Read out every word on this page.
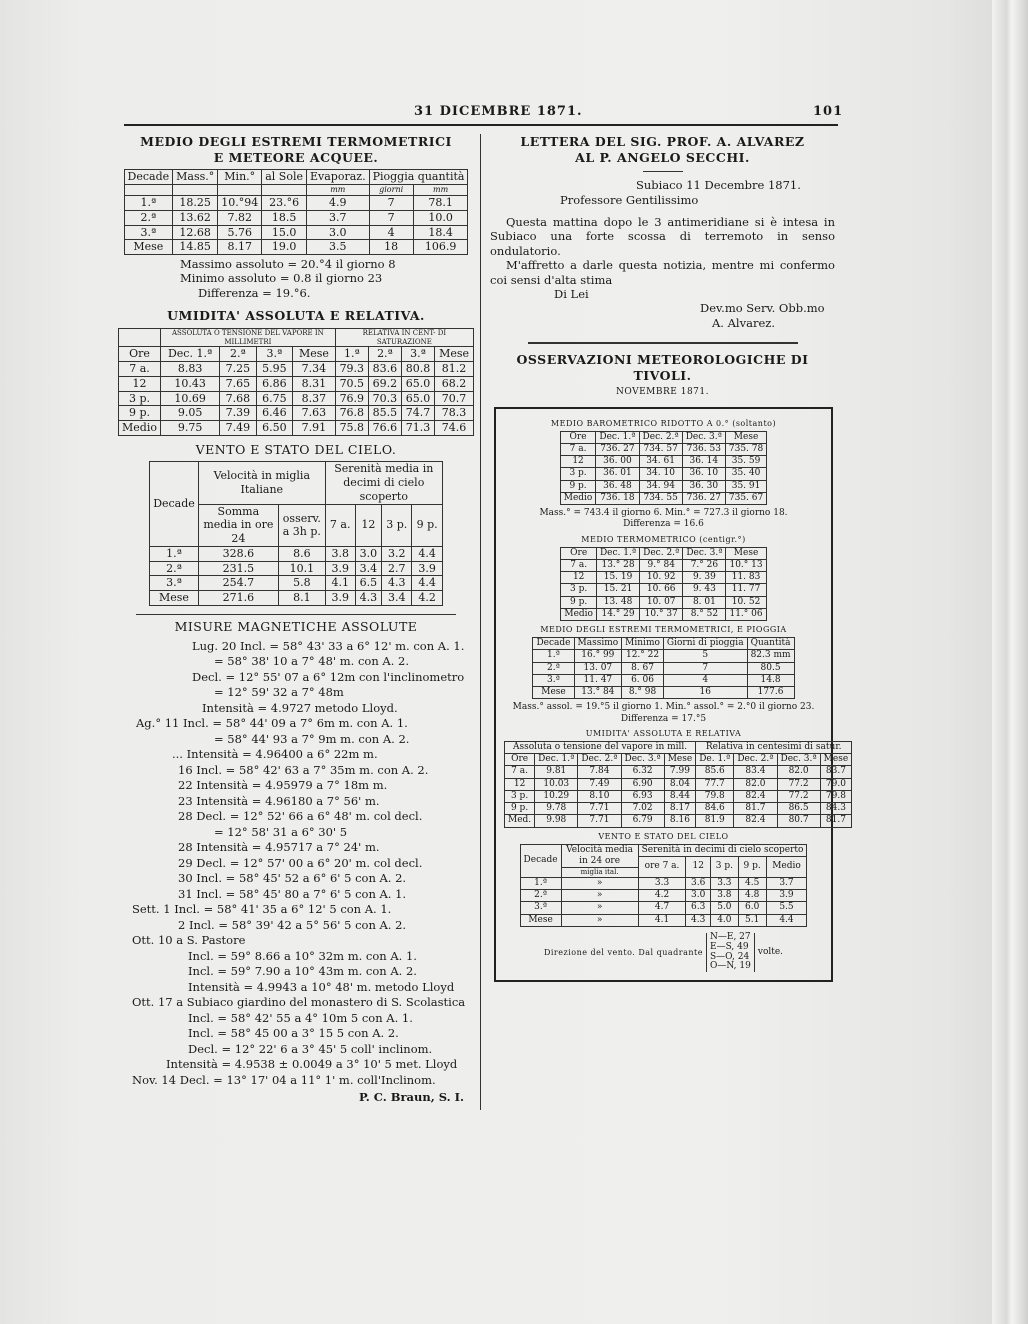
31 DICEMBRE 1871.	101
MEDIO DEGLI ESTREMI TERMOMETRICI
E METEORE ACQUEE.
Decade	Mass.°	Min.°	al Sole	Evaporaz.	Pioggia quantità	
				mm	giorni	mm
1.ª	18.25	10.°94	23.°6	4.9	7	78.1
2.ª	13.62	7.82	18.5	3.7	7	10.0
3.ª	12.68	5.76	15.0	3.0	4	18.4
Mese	14.85	8.17	19.0	3.5	18	106.9
Massimo assoluto = 20.°4 il giorno 8
Minimo assoluto = 0.8 il giorno 23
Differenza = 19.°6.
UMIDITA' ASSOLUTA E RELATIVA.
	ASSOLUTA O TENSIONE DEL VAPORE IN MILLIMETRI				RELATIVA IN CENT- DI SATURAZIONE			
Ore	Dec. 1.ª	2.ª	3.ª	Mese	1.ª	2.ª	3.ª	Mese
7 a.	8.83	7.25	5.95	7.34	79.3	83.6	80.8	81.2
12	10.43	7.65	6.86	8.31	70.5	69.2	65.0	68.2
3 p.	10.69	7.68	6.75	8.37	76.9	70.3	65.0	70.7
9 p.	9.05	7.39	6.46	7.63	76.8	85.5	74.7	78.3
Medio	9.75	7.49	6.50	7.91	75.8	76.6	71.3	74.6
VENTO E STATO DEL CIELO.
Decade	Velocità in miglia Italiane		Serenità media in decimi di cielo scoperto			
	Somma media in ore 24	osserv. a 3h p.	7 a.	12	3 p.	9 p.
1.ª	328.6	8.6	3.8	3.0	3.2	4.4
2.ª	231.5	10.1	3.9	3.4	2.7	3.9
3.ª	254.7	5.8	4.1	6.5	4.3	4.4
Mese	271.6	8.1	3.9	4.3	3.4	4.2
MISURE MAGNETICHE ASSOLUTE
Lug. 20 Incl. = 58° 43' 33 a 6° 12' m. con A. 1.
= 58° 38' 10 a 7° 48' m. con A. 2.
Decl. = 12° 55' 07 a 6° 12m con l'inclinometro
= 12° 59' 32 a 7° 48m
Intensità = 4.9727 metodo Lloyd.
Ag.° 11 Incl. = 58° 44' 09 a 7° 6m m. con A. 1.
= 58° 44' 93 a 7° 9m m. con A. 2.
... Intensità = 4.96400 a 6° 22m m.
16 Incl. = 58° 42' 63 a 7° 35m m. con A. 2.
22 Intensità = 4.95979 a 7° 18m m.
23 Intensità = 4.96180 a 7° 56' m.
28 Decl. = 12° 52' 66 a 6° 48' m. col decl.
= 12° 58' 31 a 6° 30' 5
28 Intensità = 4.95717 a 7° 24' m.
29 Decl. = 12° 57' 00 a 6° 20' m. col decl.
30 Incl. = 58° 45' 52 a 6° 6' 5 con A. 2.
31 Incl. = 58° 45' 80 a 7° 6' 5 con A. 1.
Sett. 1 Incl. = 58° 41' 35 a 6° 12' 5 con A. 1.
2 Incl. = 58° 39' 42 a 5° 56' 5 con A. 2.
Ott. 10 a S. Pastore
Incl. = 59° 8.66 a 10° 32m m. con A. 1.
Incl. = 59° 7.90 a 10° 43m m. con A. 2.
Intensità = 4.9943 a 10° 48' m. metodo Lloyd
Ott. 17 a Subiaco giardino del monastero di S. Scolastica
Incl. = 58° 42' 55 a 4° 10m 5 con A. 1.
Incl. = 58° 45 00 a 3° 15 5 con A. 2.
Decl. = 12° 22' 6 a 3° 45' 5 coll' inclinom.
Intensità = 4.9538 ± 0.0049 a 3° 10' 5 met. Lloyd
Nov. 14 Decl. = 13° 17' 04 a 11° 1' m. coll'Inclinom.
P. C. Braun, S. I.
LETTERA DEL SIG. PROF. A. ALVAREZ
AL P. ANGELO SECCHI.
Subiaco 11 Decembre 1871.
Professore Gentilissimo

Questa mattina dopo le 3 antimeridiane si è intesa in Subiaco una forte scossa di terremoto in senso ondulatorio.

M'affretto a darle questa notizia, mentre mi confermo coi sensi d'alta stima

Di Lei
Dev.mo Serv. Obb.mo
A. Alvarez.
OSSERVAZIONI METEOROLOGICHE DI TIVOLI.
NOVEMBRE 1871.
MEDIO BAROMETRICO RIDOTTO A 0.° (soltanto)
Ore	Dec. 1.ª	Dec. 2.ª	Dec. 3.ª	Mese
7 a.	736. 27	734. 57	736. 53	735. 78
12	36. 00	34. 61	36. 14	35. 59
3 p.	36. 01	34. 10	36. 10	35. 40
9 p.	36. 48	34. 94	36. 30	35. 91
Medio	736. 18	734. 55	736. 27	735. 67
Mass.° = 743.4 il giorno 6. Min.° = 727.3 il giorno 18.
Differenza = 16.6
MEDIO TERMOMETRICO (centigr.°)
Ore	Dec. 1.ª	Dec. 2.ª	Dec. 3.ª	Mese
7 a.	13.° 28	9.° 84	7.° 26	10.° 13
12	15. 19	10. 92	9. 39	11. 83
3 p.	15. 21	10. 66	9. 43	11. 77
9 p.	13. 48	10. 07	8. 01	10. 52
Medio	14.° 29	10.° 37	8.° 52	11.° 06
MEDIO DEGLI ESTREMI TERMOMETRICI, E PIOGGIA
Decade	Massimo	Minimo	Giorni di pioggia	Quantità
1.ª	16.° 99	12.° 22	5	82.3 mm
2.ª	13. 07	8. 67	7	80.5
3.ª	11. 47	6. 06	4	14.8
Mese	13.° 84	8.° 98	16	177.6
Mass.° assol. = 19.°5 il giorno 1. Min.° assol.° = 2.°0 il giorno 23.
Differenza = 17.°5
UMIDITA' ASSOLUTA E RELATIVA
Assoluta o tensione del vapore in mill.					Relativa in centesimi di satur.			
Ore	Dec. 1.ª	Dec. 2.ª	Dec. 3.ª	Mese	De. 1.ª	Dec. 2.ª	Dec. 3.ª	Mese
7 a.	9.81	7.84	6.32	7.99	85.6	83.4	82.0	83.7
12	10.03	7.49	6.90	8.04	77.7	82.0	77.2	79.0
3 p.	10.29	8.10	6.93	8.44	79.8	82.4	77.2	79.8
9 p.	9.78	7.71	7.02	8.17	84.6	81.7	86.5	84.3
Med.	9.98	7.71	6.79	8.16	81.9	82.4	80.7	81.7
VENTO E STATO DEL CIELO
Decade	Velocità media in 24 ore	Serenità in decimi di cielo scoperto				
		ore 7 a.	12	3 p.	9 p.	Medio
	miglia ital.					
1.ª	»	3.3	3.6	3.3	4.5	3.7
2.ª	»	4.2	3.0	3.8	4.8	3.9
3.ª	»	4.7	6.3	5.0	6.0	5.5
Mese	»	4.1	4.3	4.0	5.1	4.4
Direzione del vento. Dal quadrante	
N—E, 27
E—S, 49
S—O, 24
O—N, 19
	volte.
